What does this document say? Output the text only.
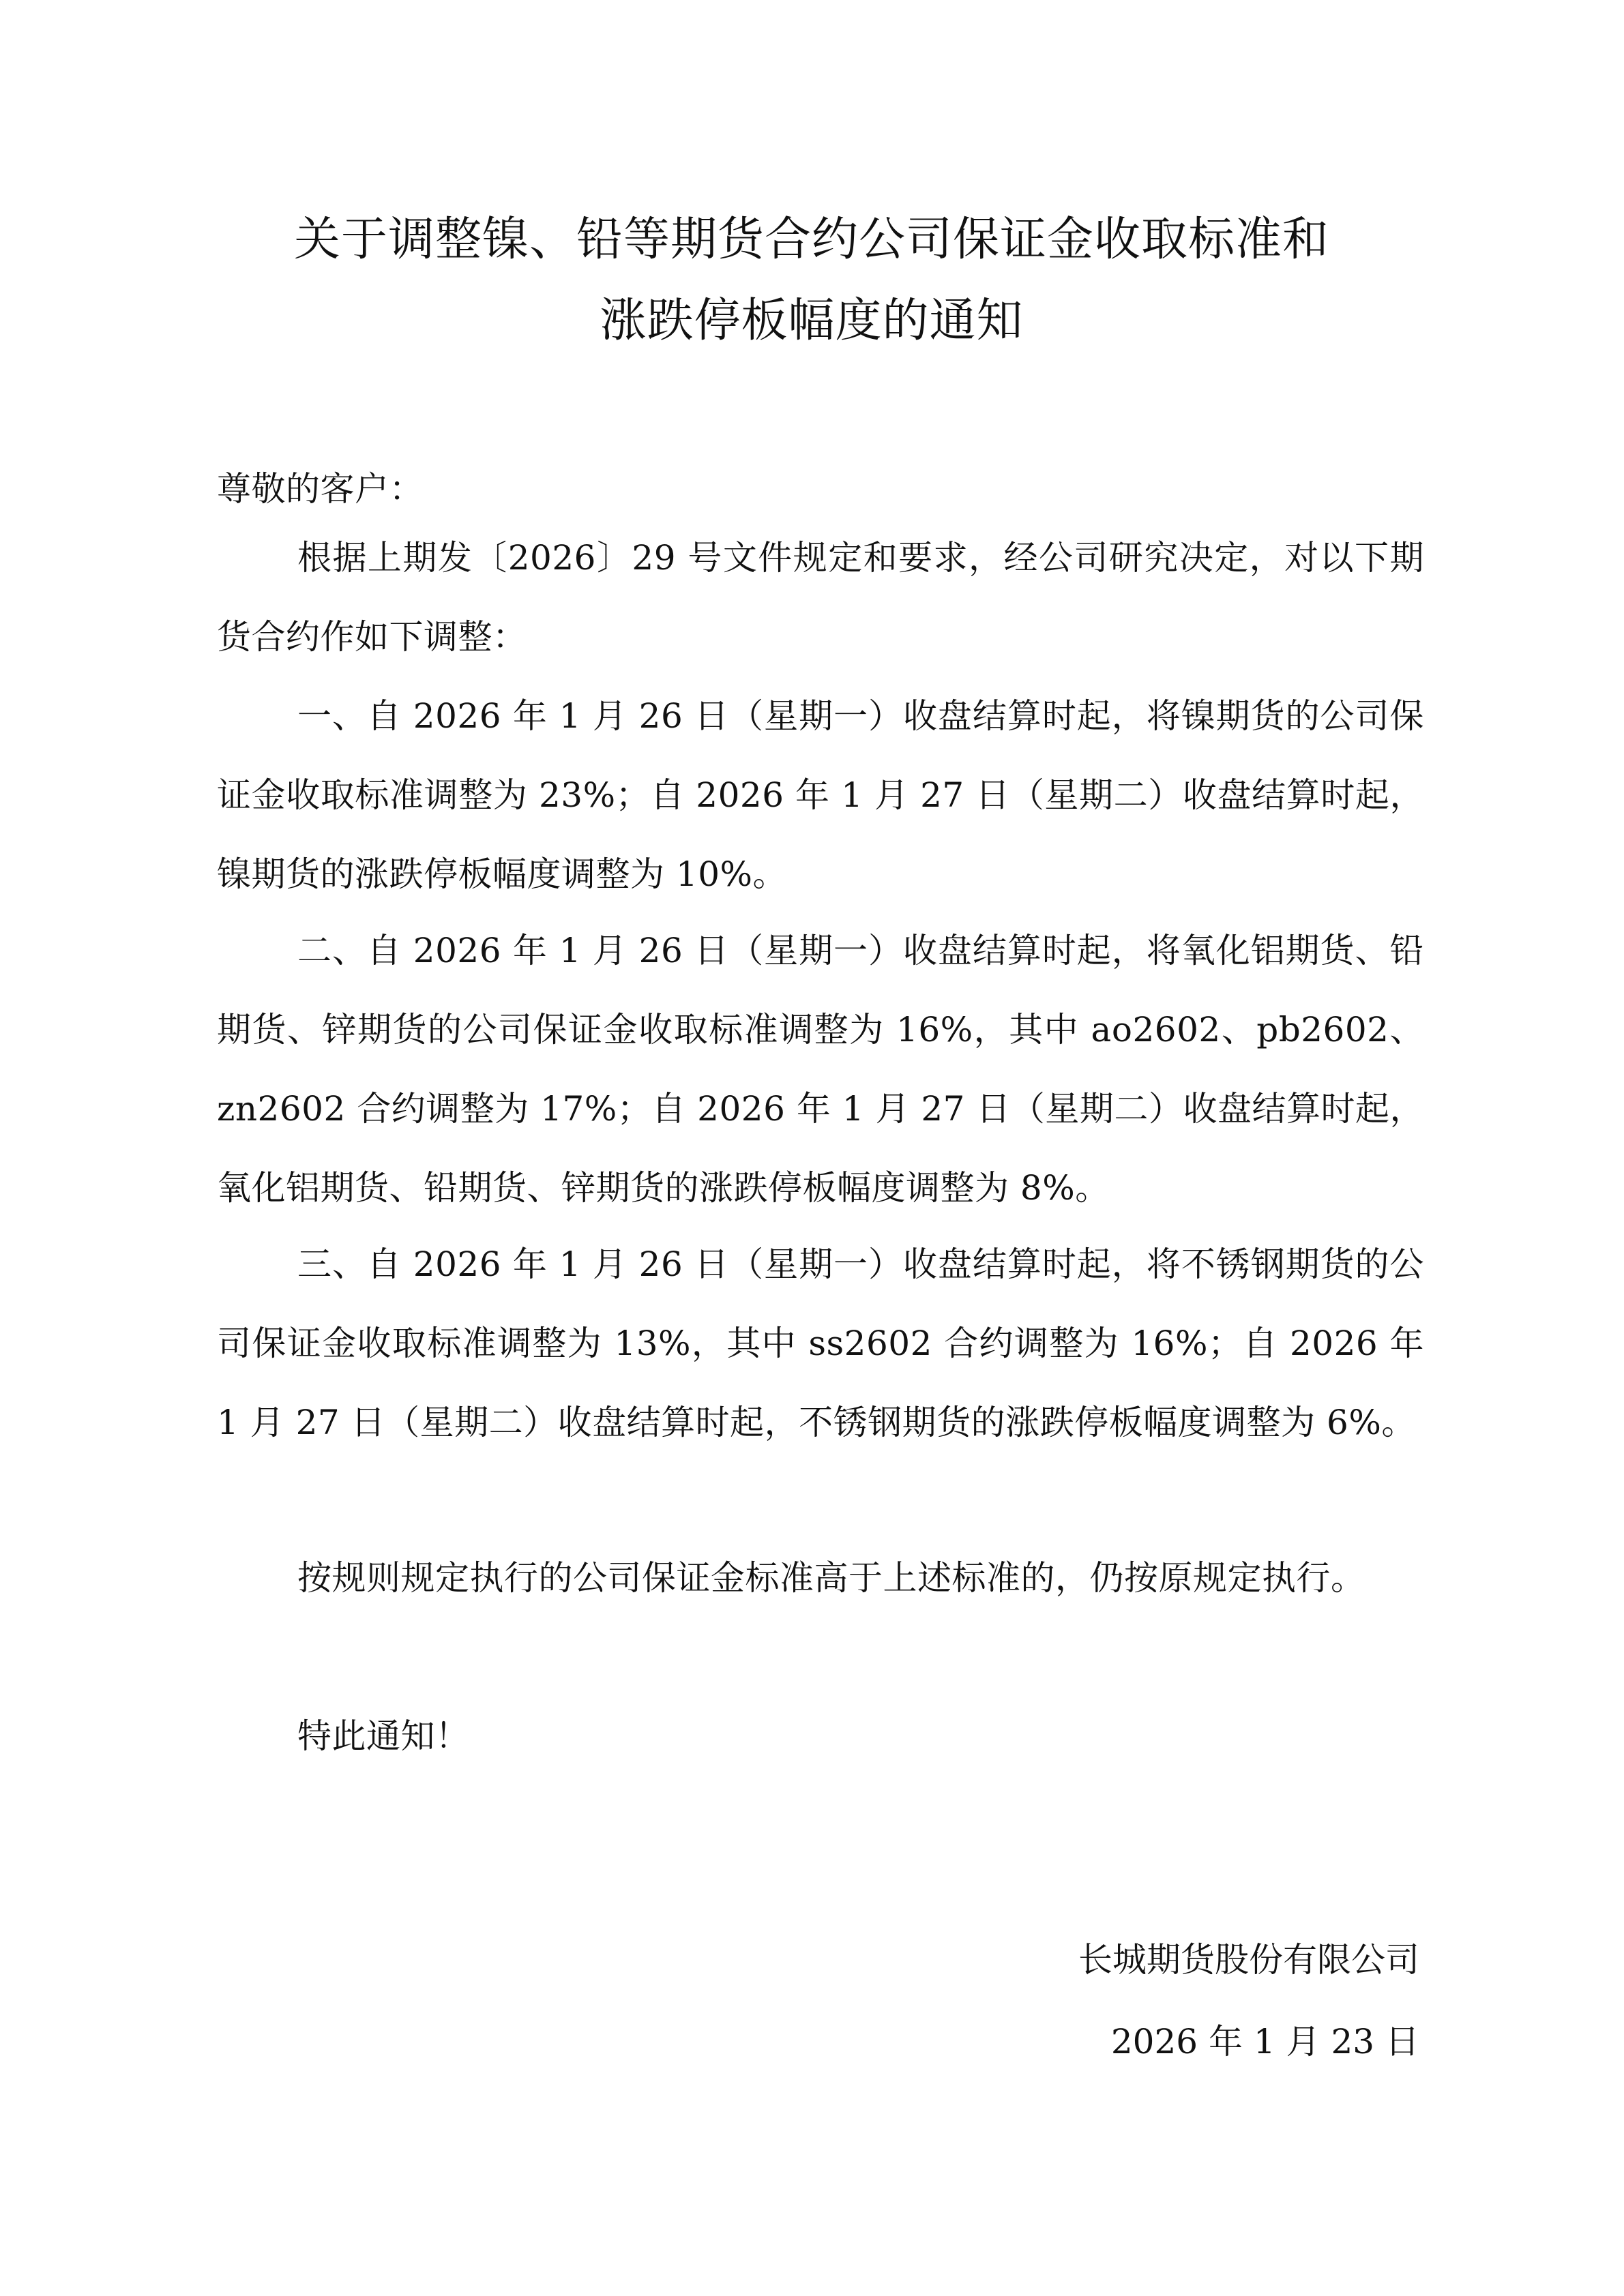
关于调整镍、铅等期货合约公司保证金收取标准和
涨跌停板幅度的通知
尊敬的客户：

根据上期发〔2026〕29 号文件规定和要求，经公司研究决定，对以下期货合约作如下调整：

一、自 2026 年 1 月 26 日（星期一）收盘结算时起，将镍期货的公司保证金收取标准调整为 23%；自 2026 年 1 月 27 日（星期二）收盘结算时起，镍期货的涨跌停板幅度调整为 10%。

二、自 2026 年 1 月 26 日（星期一）收盘结算时起，将氧化铝期货、铅期货、锌期货的公司保证金收取标准调整为 16%，其中 ao2602、pb2602、zn2602 合约调整为 17%；自 2026 年 1 月 27 日（星期二）收盘结算时起，氧化铝期货、铅期货、锌期货的涨跌停板幅度调整为 8%。

三、自 2026 年 1 月 26 日（星期一）收盘结算时起，将不锈钢期货的公司保证金收取标准调整为 13%，其中 ss2602 合约调整为 16%；自 2026 年 1 月 27 日（星期二）收盘结算时起，不锈钢期货的涨跌停板幅度调整为 6%。

按规则规定执行的公司保证金标准高于上述标准的，仍按原规定执行。

特此通知！

长城期货股份有限公司
2026 年 1 月 23 日
